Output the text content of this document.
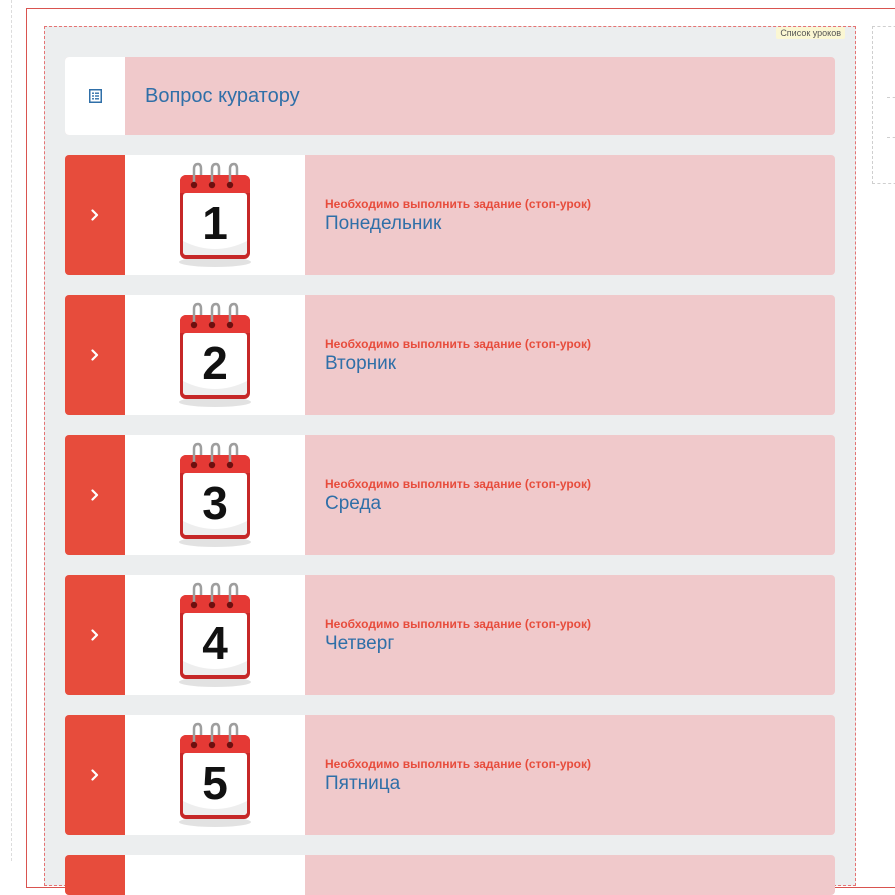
Список уроков
Вопрос куратору
1	Необходимо выполнить задание (стоп-урок)
Понедельник
2	Необходимо выполнить задание (стоп-урок)
Вторник
3	Необходимо выполнить задание (стоп-урок)
Среда
4	Необходимо выполнить задание (стоп-урок)
Четверг
5	Необходимо выполнить задание (стоп-урок)
Пятница
